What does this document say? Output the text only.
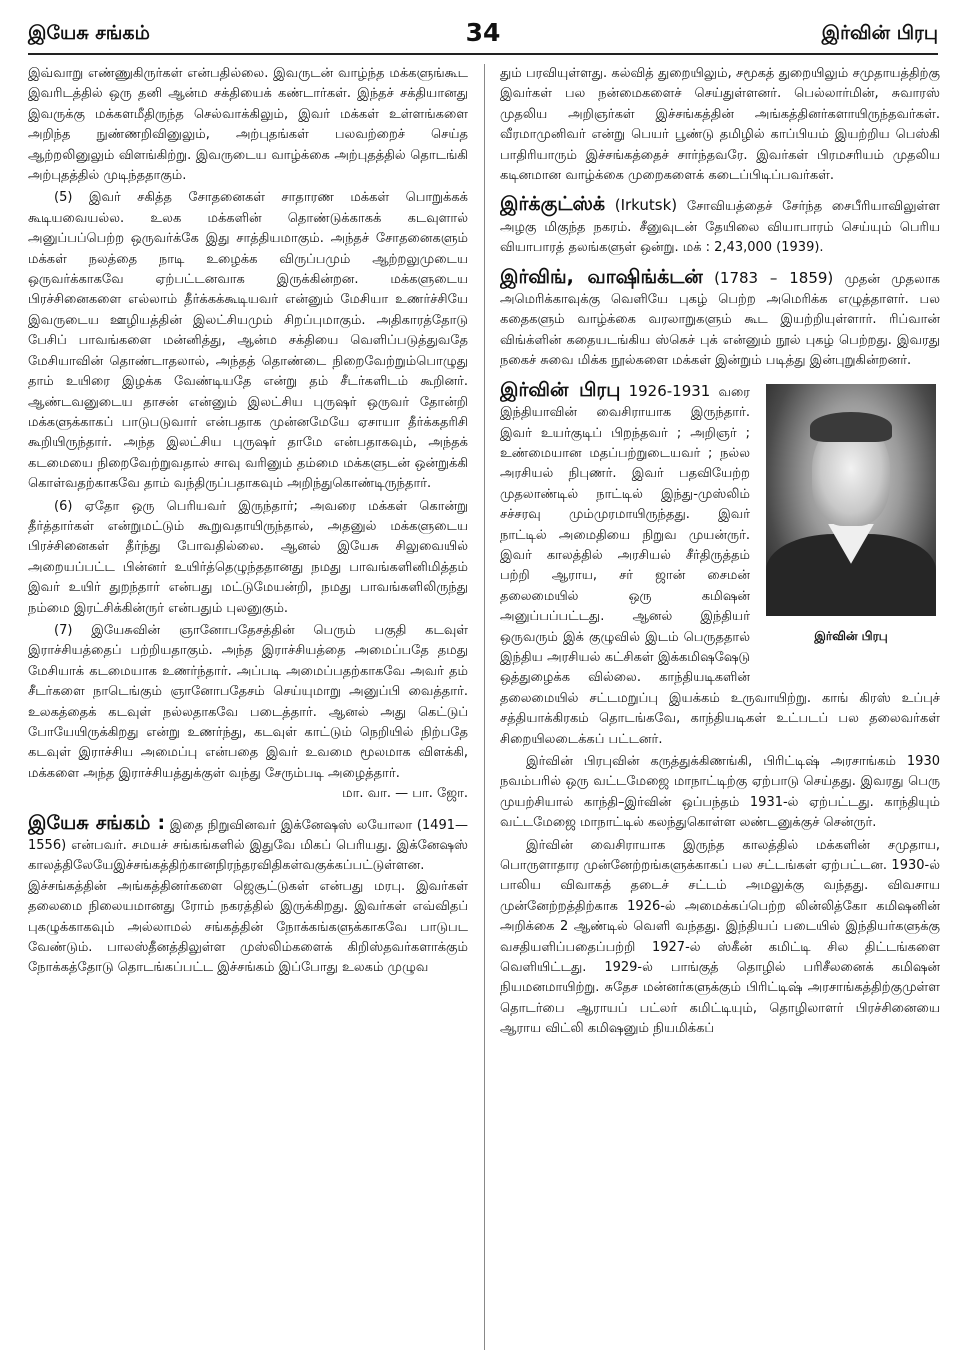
இயேசு சங்கம்	34	இர்வின் பிரபு

இவ்வாறு எண்ணுகிருர்கள் என்பதில்லை. இவருடன் வாழ்ந்த மக்களுங்கூட இவரிடத்தில் ஒரு தனி ஆன்ம சக்தியைக் கண்டார்கள். இந்தச் சக்தியானது இவருக்கு மக்களமீதிருந்த செல்வாக்கிலும், இவர் மக்கள் உள்ளங்களை அறிந்த நுண்ணறிவினுலும், அற்புதங்கள் பலவற்றைச் செய்த ஆற்றலினுலும் விளங்கிற்று. இவருடைய வாழ்க்கை அற்புதத்தில் தொடங்கி அற்புதத்தில் முடிந்ததாகும்.

(5) இவர் சகித்த சோதனைகள் சாதாரண மக்கள் பொறுக்கக் கூடியவையல்ல. உலக மக்களின் தொண்டுக்காகக் கடவுளால் அனுப்பப்பெற்ற ஒருவர்க்கே இது சாத்தியமாகும். அந்தச் சோதனைகளும் மக்கள் நலத்தை நாடி உழைக்க விருப்பமும் ஆற்றலுமுடைய ஒருவர்க்காகவே ஏற்பட்டனவாக இருக்கின்றன. மக்களுடைய பிரச்சினைகளை எல்லாம் தீர்க்கக்கூடியவர் என்னும் மேசியா உணர்ச்சியே இவருடைய ஊழியத்தின் இலட்சியமும் சிறப்புமாகும். அதிகாரத்தோடு பேசிப் பாவங்களை மன்னித்து, ஆன்ம சக்தியை வெளிப்படுத்துவதே மேசியாவின் தொண்டாதலால், அந்தத் தொண்டை நிறைவேற்றும்பொழுது தாம் உயிரை இழக்க வேண்டியதே என்று தம் சீடர்களிடம் கூறினர். ஆண்டவனுடைய தாசன் என்னும் இலட்சிய புருஷர் ஒருவர் தோன்றி மக்களுக்காகப் பாடுபடுவார் என்பதாக முன்னமேயே ஏசாயா தீர்க்கதரிசி கூறியிருந்தார். அந்த இலட்சிய புருஷர் தாமே என்பதாகவும், அந்தக் கடமையை நிறைவேற்றுவதால் சாவு வரினும் தம்மை மக்களுடன் ஒன்றுக்கி கொள்வதற்காகவே தாம் வந்திருப்பதாகவும் அறிந்துகொண்டிருந்தார்.

(6) ஏதோ ஒரு பெரியவர் இருந்தார்; அவரை மக்கள் கொன்று தீர்த்தார்கள் என்றுமட்டும் கூறுவதாயிருந்தால், அதனுல் மக்களுடைய பிரச்சினைகள் தீர்ந்து போவதில்லை. ஆனல் இயேசு சிலுவையில் அறையப்பட்ட பின்னர் உயிர்த்தெழுந்ததானது நமது பாவங்களினிமித்தம் இவர் உயிர் துறந்தார் என்பது மட்டுமேயன்றி, நமது பாவங்களிலிருந்து நம்மை இரட்சிக்கின்ருர் என்பதும் புலனுகும்.

(7) இயேசுவின் ஞானோபதேசத்தின் பெரும் பகுதி கடவுள் இராச்சியத்தைப் பற்றியதாகும். அந்த இராச்சியத்தை அமைப்பதே தமது மேசியாக் கடமையாக உணர்ந்தார். அப்படி அமைப்பதற்காகவே அவர் தம் சீடர்களை நாடெங்கும் ஞானோபதேசம் செய்யுமாறு அனுப்பி வைத்தார். உலகத்தைக் கடவுள் நல்லதாகவே படைத்தார். ஆனல் அது கெட்டுப் போயேயிருக்கிறது என்று உணர்ந்து, கடவுள் காட்டும் நெறியில் நிற்பதே கடவுள் இராச்சிய அமைப்பு என்பதை இவர் உவமை மூலமாக விளக்கி, மக்களை அந்த இராச்சியத்துக்குள் வந்து சேரும்படி அழைத்தார்.

மா. வா. — பா. ஜோ.

இயேசு சங்கம் : இதை நிறுவினவர் இக்னேஷஸ் லயோலா (1491—1556) என்பவர். சமயச் சங்கங்களில் இதுவே மிகப் பெரியது. இக்னேஷஸ் காலத்திலேயேஇச்சங்கத்திற்கானநிரந்தரவிதிகள்வகுக்கப்பட்டுள்ளன. இச்சங்கத்தின் அங்கத்தினர்களை ஜெசூட்டுகள் என்பது மரபு. இவர்கள் தலைமை நிலையமானது ரோம் நகரத்தில் இருக்கிறது. இவர்கள் எவ்விதப் புகழுக்காகவும் அல்லாமல் சங்கத்தின் நோக்கங்களுக்காகவே பாடுபட வேண்டும். பாலஸ்தீனத்திலுள்ள முஸ்லிம்களைக் கிறிஸ்தவர்களாக்கும் நோக்கத்தோடு தொடங்கப்பட்ட இச்சங்கம் இப்போது உலகம் முழுவ

தும் பரவியுள்ளது. கல்வித் துறையிலும், சமூகத் துறையிலும் சமுதாயத்திற்கு இவர்கள் பல நன்மைகளைச் செய்துள்ளனர். பெல்லார்மின், சுவாரஸ் முதலிய அறிஞர்கள் இச்சங்கத்தின் அங்கத்தினர்களாயிருந்தவர்கள். வீரமாமுனிவர் என்று பெயர் பூண்டு தமிழில் காப்பியம் இயற்றிய பெஸ்கி பாதிரியாரும் இச்சங்கத்தைச் சார்ந்தவரே. இவர்கள் பிரமசரியம் முதலிய கடினமான வாழ்க்கை முறைகளைக் கடைப்பிடிப்பவர்கள்.

இர்க்குட்ஸ்க் (Irkutsk) சோவியத்தைச் சேர்ந்த சைபீரியாவிலுள்ள அழகு மிகுந்த நகரம். சீனுவுடன் தேயிலை வியாபாரம் செய்யும் பெரிய வியாபாரத் தலங்களுள் ஒன்று. மக் : 2,43,000 (1939).
இர்விங், வாஷிங்க்டன் (1783 – 1859) முதன் முதலாக அமெரிக்காவுக்கு வெளியே புகழ் பெற்ற அமெரிக்க எழுத்தாளர். பல கதைகளும் வாழ்க்கை வரலாறுகளும் கூட இயற்றியுள்ளார். ரிப்வான் விங்க்ளின் கதையடங்கிய ஸ்கெச் புக் என்னும் நூல் புகழ் பெற்றது. இவரது நகைச் சுவை மிக்க நூல்களை மக்கள் இன்றும் படித்து இன்புறுகின்றனர்.
இர்வின் பிரபு 1926-1931
இர்வின் பிரபு
வரை இந்தியாவின் வைசிராயாக இருந்தார். இவர் உயர்குடிப் பிறந்தவர் ; அறிஞர் ; உண்மையான மதப்பற்றுடையவர் ; நல்ல அரசியல் நிபுணர். இவர் பதவியேற்ற முதலாண்டில் நாட்டில் இந்து-முஸ்லிம் சச்சரவு மும்முரமாயிருந்தது. இவர் நாட்டில் அமைதியை நிறுவ முயன்ருர். இவர் காலத்தில் அரசியல் சீர்திருத்தம் பற்றி ஆராய, சர் ஜான் சைமன் தலைமையில் ஒரு கமிஷன் அனுப்பப்பட்டது. ஆனல் இந்தியர் ஒருவரும் இக் குழுவில் இடம் பெருததால் இந்திய அரசியல் கட்சிகள் இக்கமிஷஷேடு ஒத்துழைக்க வில்லை. காந்தியடிகளின் தலைமையில் சட்டமறுப்பு இயக்கம் உருவாயிற்று. காங் கிரஸ் உப்புச் சத்தியாக்கிரகம் தொடங்கவே, காந்தியடிகள் உட்படப் பல தலைவர்கள் சிறையிலடைக்கப் பட்டனர்.

இர்வின் பிரபுவின் கருத்துக்கிணங்கி, பிரிட்டிஷ் அரசாங்கம் 1930 நவம்பரில் ஒரு வட்டமேஜை மாநாட்டிற்கு ஏற்பாடு செய்தது. இவரது பெரு முயற்சியால் காந்தி–இர்வின் ஒப்பந்தம் 1931-ல் ஏற்பட்டது. காந்தியும் வட்டமேஜை மாநாட்டில் கலந்துகொள்ள லண்டனுக்குச் சென்ருர்.

இர்வின் வைசிராயாக இருந்த காலத்தில் மக்களின் சமுதாய, பொருளாதார முன்னேற்றங்களுக்காகப் பல சட்டங்கள் ஏற்பட்டன. 1930-ல் பாலிய விவாகத் தடைச் சட்டம் அமலுக்கு வந்தது. விவசாய முன்னேற்றத்திற்காக 1926-ல் அமைக்கப்பெற்ற லின்லித்கோ கமிஷனின் அறிக்கை 2 ஆண்டில் வெளி வந்தது. இந்தியப் படையில் இந்தியர்களுக்கு வசதியளிப்பதைப்பற்றி 1927-ல் ஸ்கீன் கமிட்டி சில திட்டங்களை வெளியிட்டது. 1929-ல் பாங்குத் தொழில் பரிசீலனைக் கமிஷன் நியமனமாயிற்று. சுதேச மன்னர்களுக்கும் பிரிட்டிஷ் அரசாங்கத்திற்குமுள்ள தொடர்பை ஆராயப் பட்லர் கமிட்டியும், தொழிலாளர் பிரச்சினையை ஆராய விட்லி கமிஷனும் நியமிக்கப்
